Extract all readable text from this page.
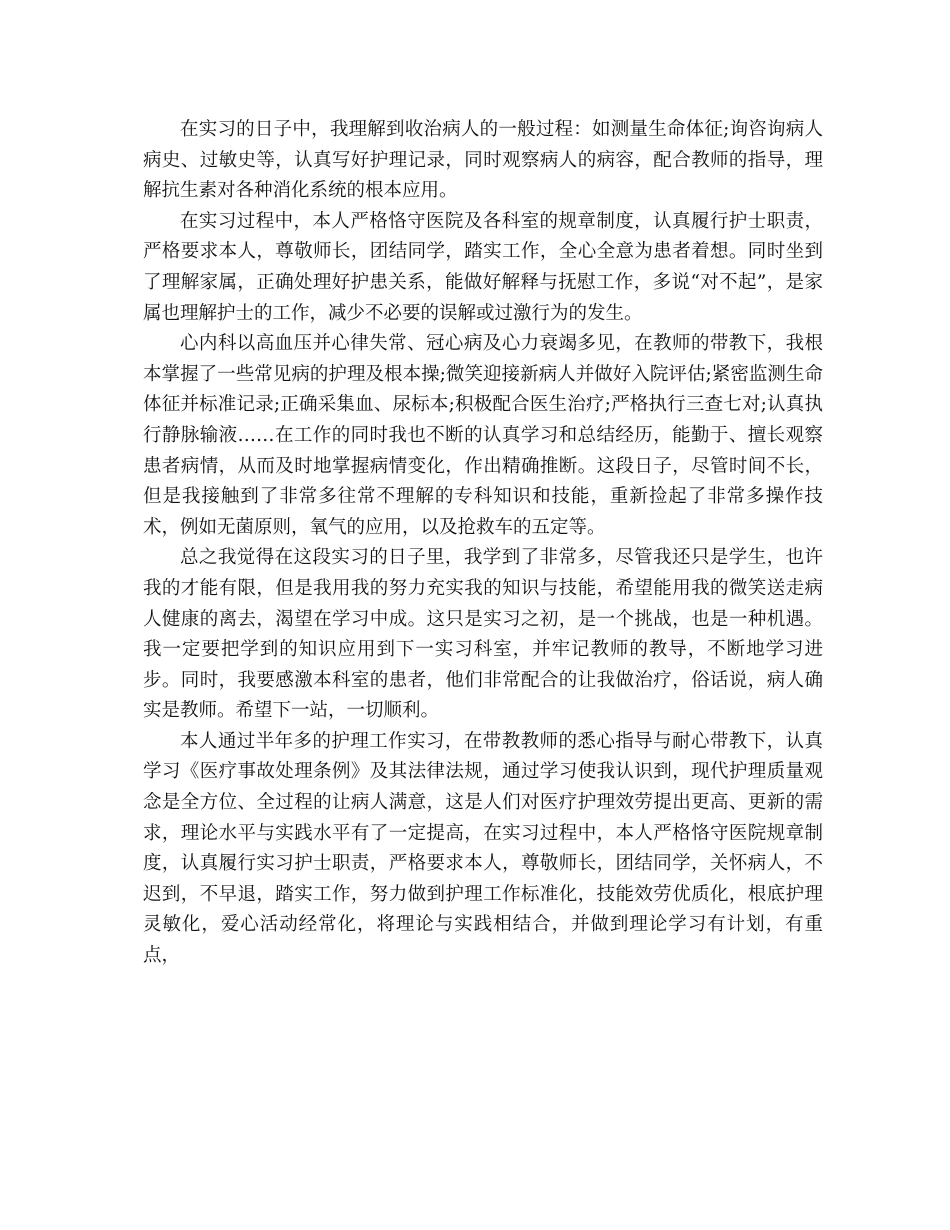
在实习的日子中，我理解到收治病人的一般过程：如测量生命体征;询咨询病人病史、过敏史等，认真写好护理记录，同时观察病人的病容，配合教师的指导，理解抗生素对各种消化系统的根本应用。

在实习过程中，本人严格恪守医院及各科室的规章制度，认真履行护士职责，严格要求本人，尊敬师长，团结同学，踏实工作，全心全意为患者着想。同时坐到了理解家属，正确处理好护患关系，能做好解释与抚慰工作，多说“对不起”，是家属也理解护士的工作，减少不必要的误解或过激行为的发生。

心内科以高血压并心律失常、冠心病及心力衰竭多见，在教师的带教下，我根本掌握了一些常见病的护理及根本操;微笑迎接新病人并做好入院评估;紧密监测生命体征并标准记录;正确采集血、尿标本;积极配合医生治疗;严格执行三查七对;认真执行静脉输液……在工作的同时我也不断的认真学习和总结经历，能勤于、擅长观察患者病情，从而及时地掌握病情变化，作出精确推断。这段日子，尽管时间不长，但是我接触到了非常多往常不理解的专科知识和技能，重新捡起了非常多操作技术，例如无菌原则，氧气的应用，以及抢救车的五定等。

总之我觉得在这段实习的日子里，我学到了非常多，尽管我还只是学生，也许我的才能有限，但是我用我的努力充实我的知识与技能，希望能用我的微笑送走病人健康的离去，渴望在学习中成。这只是实习之初，是一个挑战，也是一种机遇。我一定要把学到的知识应用到下一实习科室，并牢记教师的教导，不断地学习进步。同时，我要感激本科室的患者，他们非常配合的让我做治疗，俗话说，病人确实是教师。希望下一站，一切顺利。

本人通过半年多的护理工作实习，在带教教师的悉心指导与耐心带教下，认真学习《医疗事故处理条例》及其法律法规，通过学习使我认识到，现代护理质量观念是全方位、全过程的让病人满意，这是人们对医疗护理效劳提出更高、更新的需求，理论水平与实践水平有了一定提高，在实习过程中，本人严格恪守医院规章制度，认真履行实习护士职责，严格要求本人，尊敬师长，团结同学，关怀病人，不迟到，不早退，踏实工作，努力做到护理工作标准化，技能效劳优质化，根底护理灵敏化，爱心活动经常化，将理论与实践相结合，并做到理论学习有计划，有重点，
